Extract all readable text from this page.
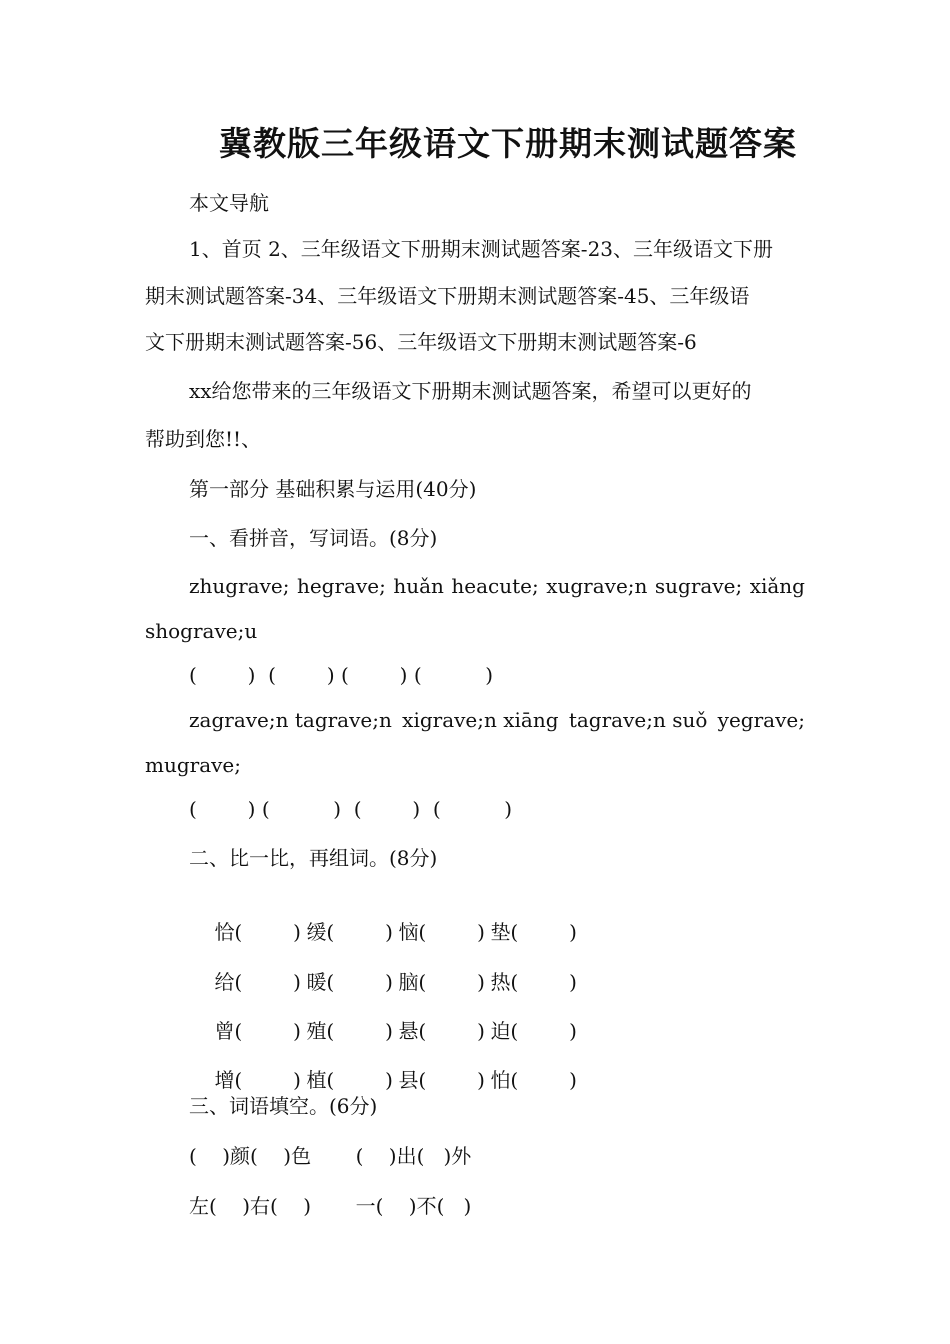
冀教版三年级语文下册期末测试题答案
本文导航
1、首页 2、三年级语文下册期末测试题答案-23、三年级语文下册
期末测试题答案-34、三年级语文下册期末测试题答案-45、三年级语
文下册期末测试题答案-56、三年级语文下册期末测试题答案-6
xx给您带来的三年级语文下册期末测试题答案，希望可以更好的
帮助到您!!、
第一部分 基础积累与运用(40分)
一、看拼音，写词语。(8分)
zhugrave; hegrave; huǎn heacute; xugrave;n sugrave; xiǎng
shograve;u
(        )  (        ) (        ) (          )
zagrave;n tagrave;n xigrave;n xiāng tagrave;n suǒ yegrave;
mugrave;
(        ) (          )  (        )  (          )
二、比一比，再组词。(8分)

恰(        ) 缓(        ) 恼(        ) 垫(        )

给(        ) 暖(        ) 脑(        ) 热(        )

曾(        ) 殖(        ) 悬(        ) 迫(        )

增(        ) 植(        ) 县(        ) 怕(        )

三、词语填空。(6分)
(    )颜(    )色       (    )出(   )外
左(    )右(    )       一(    )不(   )
